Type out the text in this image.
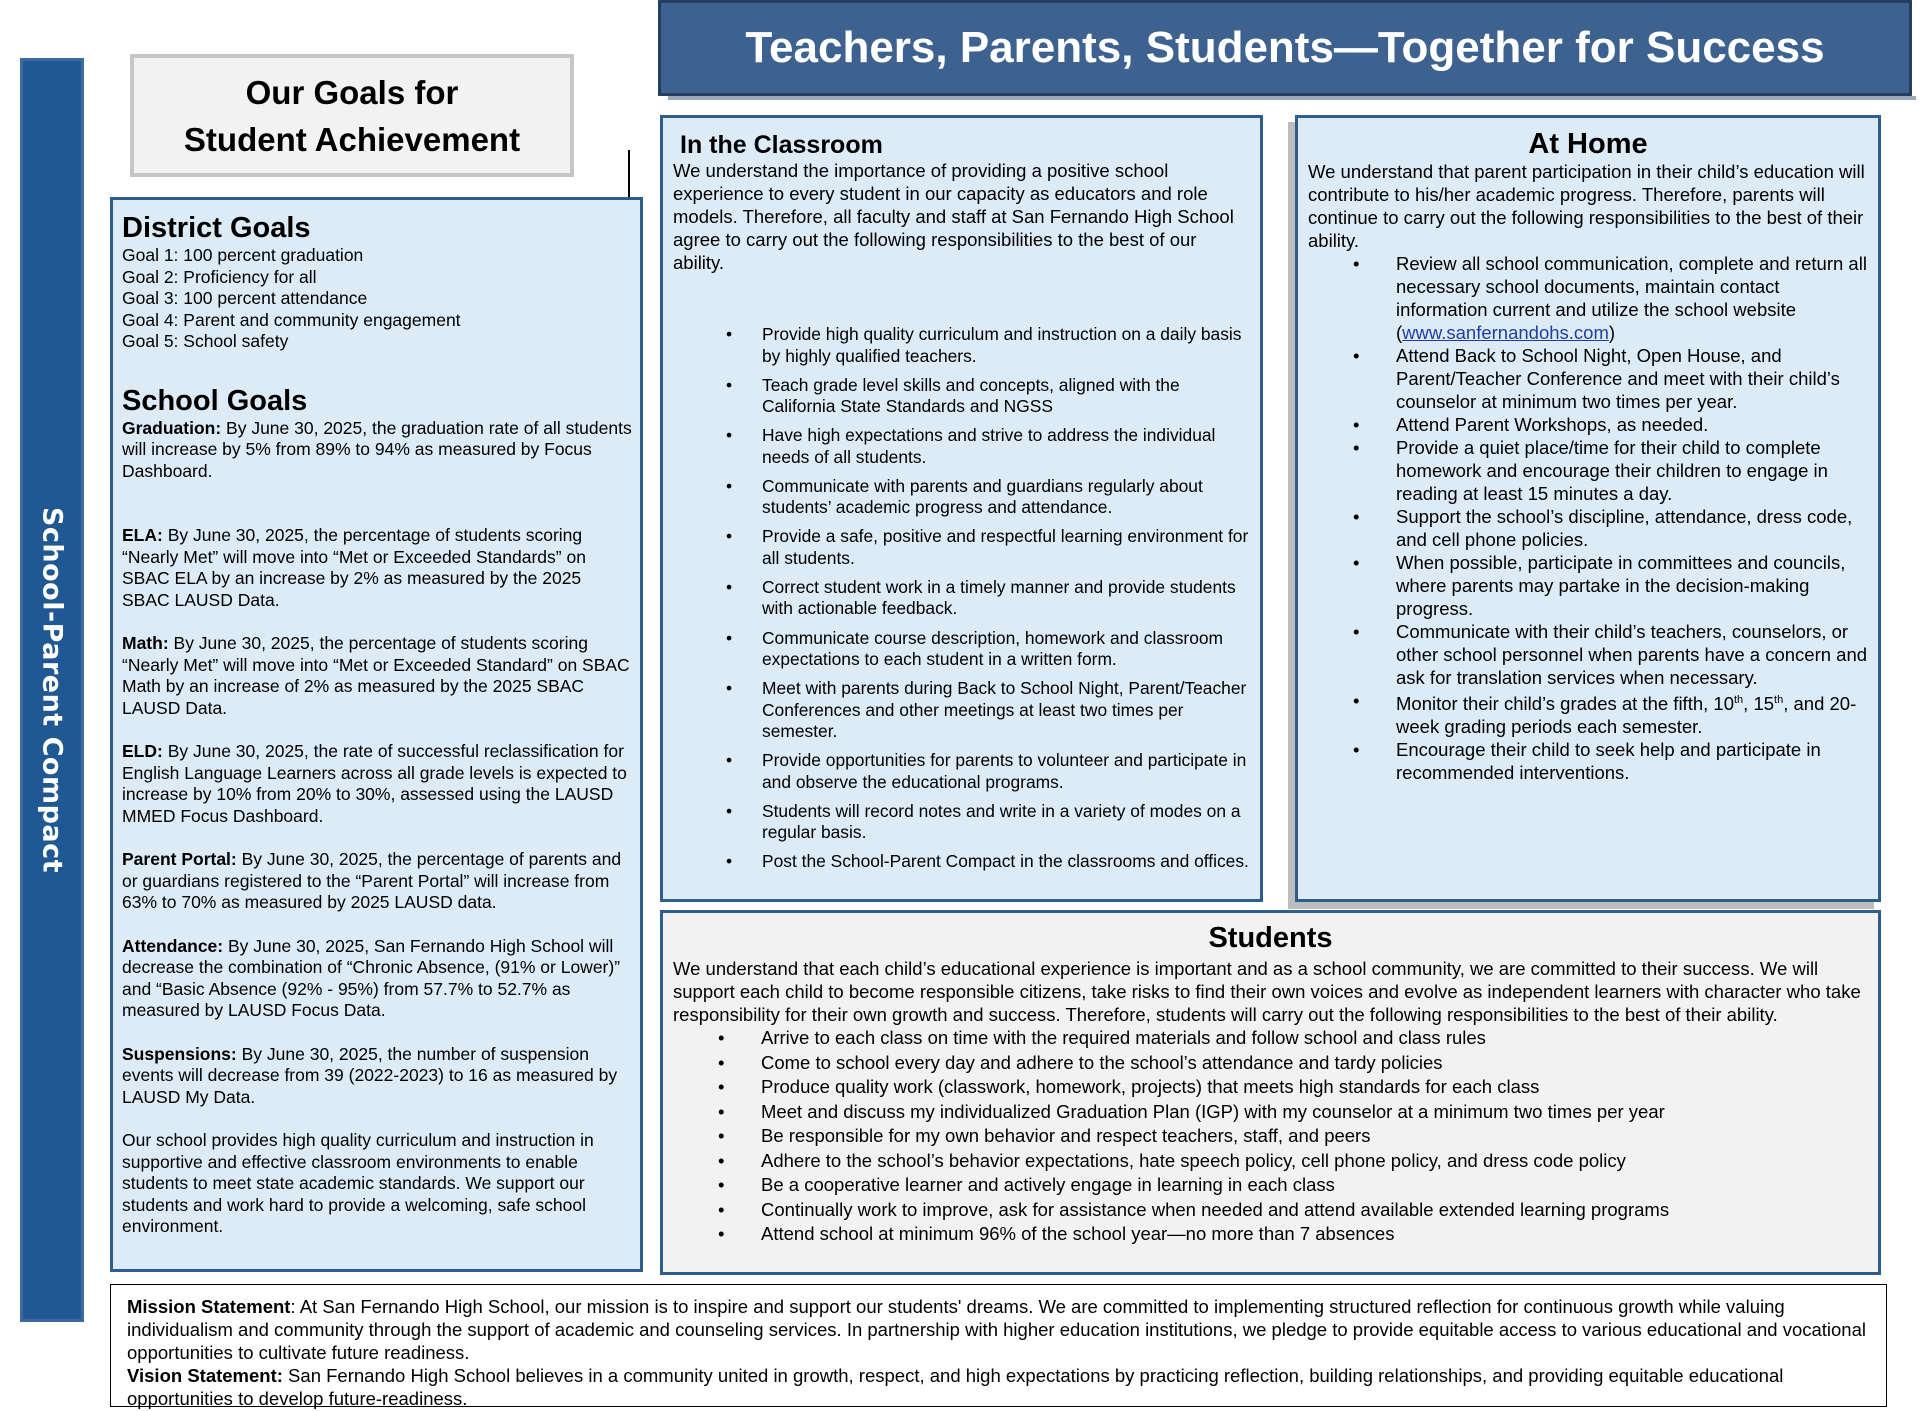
School-Parent Compact
Teachers, Parents, Students—Together for Success
Our Goals for
Student Achievement
District Goals
Goal 1: 100 percent graduation
Goal 2: Proficiency for all
Goal 3: 100 percent attendance
Goal 4: Parent and community engagement
Goal 5: School safety
School Goals

Graduation: By June 30, 2025, the graduation rate of all students will increase by 5% from 89% to 94% as measured by Focus Dashboard.

ELA: By June 30, 2025, the percentage of students scoring “Nearly Met” will move into “Met or Exceeded Standards” on SBAC ELA by an increase by 2% as measured by the 2025 SBAC LAUSD Data.

Math: By June 30, 2025, the percentage of students scoring “Nearly Met” will move into “Met or Exceeded Standard” on SBAC Math by an increase of 2% as measured by the 2025 SBAC LAUSD Data.

ELD: By June 30, 2025, the rate of successful reclassification for English Language Learners across all grade levels is expected to increase by 10% from 20% to 30%, assessed using the LAUSD MMED Focus Dashboard.

Parent Portal: By June 30, 2025, the percentage of parents and or guardians registered to the “Parent Portal” will increase from 63% to 70% as measured by 2025 LAUSD data.

Attendance: By June 30, 2025, San Fernando High School will decrease the combination of “Chronic Absence, (91% or Lower)” and “Basic Absence (92% - 95%) from 57.7% to 52.7% as measured by LAUSD Focus Data.

Suspensions: By June 30, 2025, the number of suspension events will decrease from 39 (2022-2023) to 16 as measured by LAUSD My Data.

Our school provides high quality curriculum and instruction in supportive and effective classroom environments to enable students to meet state academic standards. We support our students and work hard to provide a welcoming, safe school environment.

In the Classroom

We understand the importance of providing a positive school experience to every student in our capacity as educators and role models. Therefore, all faculty and staff at San Fernando High School agree to carry out the following responsibilities to the best of our ability.

• Provide high quality curriculum and instruction on a daily basis by highly qualified teachers.
• Teach grade level skills and concepts, aligned with the California State Standards and NGSS
• Have high expectations and strive to address the individual needs of all students.
• Communicate with parents and guardians regularly about students’ academic progress and attendance.
• Provide a safe, positive and respectful learning environment for all students.
• Correct student work in a timely manner and provide students with actionable feedback.
• Communicate course description, homework and classroom expectations to each student in a written form.
• Meet with parents during Back to School Night, Parent/Teacher Conferences and other meetings at least two times per semester.
• Provide opportunities for parents to volunteer and participate in and observe the educational programs.
• Students will record notes and write in a variety of modes on a regular basis.
• Post the School-Parent Compact in the classrooms and offices.
At Home

We understand that parent participation in their child’s education will contribute to his/her academic progress. Therefore, parents will continue to carry out the following responsibilities to the best of their ability.

• Review all school communication, complete and return all necessary school documents, maintain contact information current and utilize the school website (www.sanfernandohs.com)
• Attend Back to School Night, Open House, and Parent/Teacher Conference and meet with their child’s counselor at minimum two times per year.
• Attend Parent Workshops, as needed.
• Provide a quiet place/time for their child to complete homework and encourage their children to engage in reading at least 15 minutes a day.
• Support the school’s discipline, attendance, dress code, and cell phone policies.
• When possible, participate in committees and councils, where parents may partake in the decision-making progress.
• Communicate with their child’s teachers, counselors, or other school personnel when parents have a concern and ask for translation services when necessary.
• Monitor their child’s grades at the fifth, 10th, 15th, and 20-week grading periods each semester.
• Encourage their child to seek help and participate in recommended interventions.
Students

We understand that each child’s educational experience is important and as a school community, we are committed to their success. We will support each child to become responsible citizens, take risks to find their own voices and evolve as independent learners with character who take responsibility for their own growth and success. Therefore, students will carry out the following responsibilities to the best of their ability.

• Arrive to each class on time with the required materials and follow school and class rules
• Come to school every day and adhere to the school’s attendance and tardy policies
• Produce quality work (classwork, homework, projects) that meets high standards for each class
• Meet and discuss my individualized Graduation Plan (IGP) with my counselor at a minimum two times per year
• Be responsible for my own behavior and respect teachers, staff, and peers
• Adhere to the school’s behavior expectations, hate speech policy, cell phone policy, and dress code policy
• Be a cooperative learner and actively engage in learning in each class
• Continually work to improve, ask for assistance when needed and attend available extended learning programs
• Attend school at minimum 96% of the school year—no more than 7 absences

Mission Statement: At San Fernando High School, our mission is to inspire and support our students' dreams. We are committed to implementing structured reflection for continuous growth while valuing individualism and community through the support of academic and counseling services. In partnership with higher education institutions, we pledge to provide equitable access to various educational and vocational opportunities to cultivate future readiness.

Vision Statement: San Fernando High School believes in a community united in growth, respect, and high expectations by practicing reflection, building relationships, and providing equitable educational opportunities to develop future-readiness.
